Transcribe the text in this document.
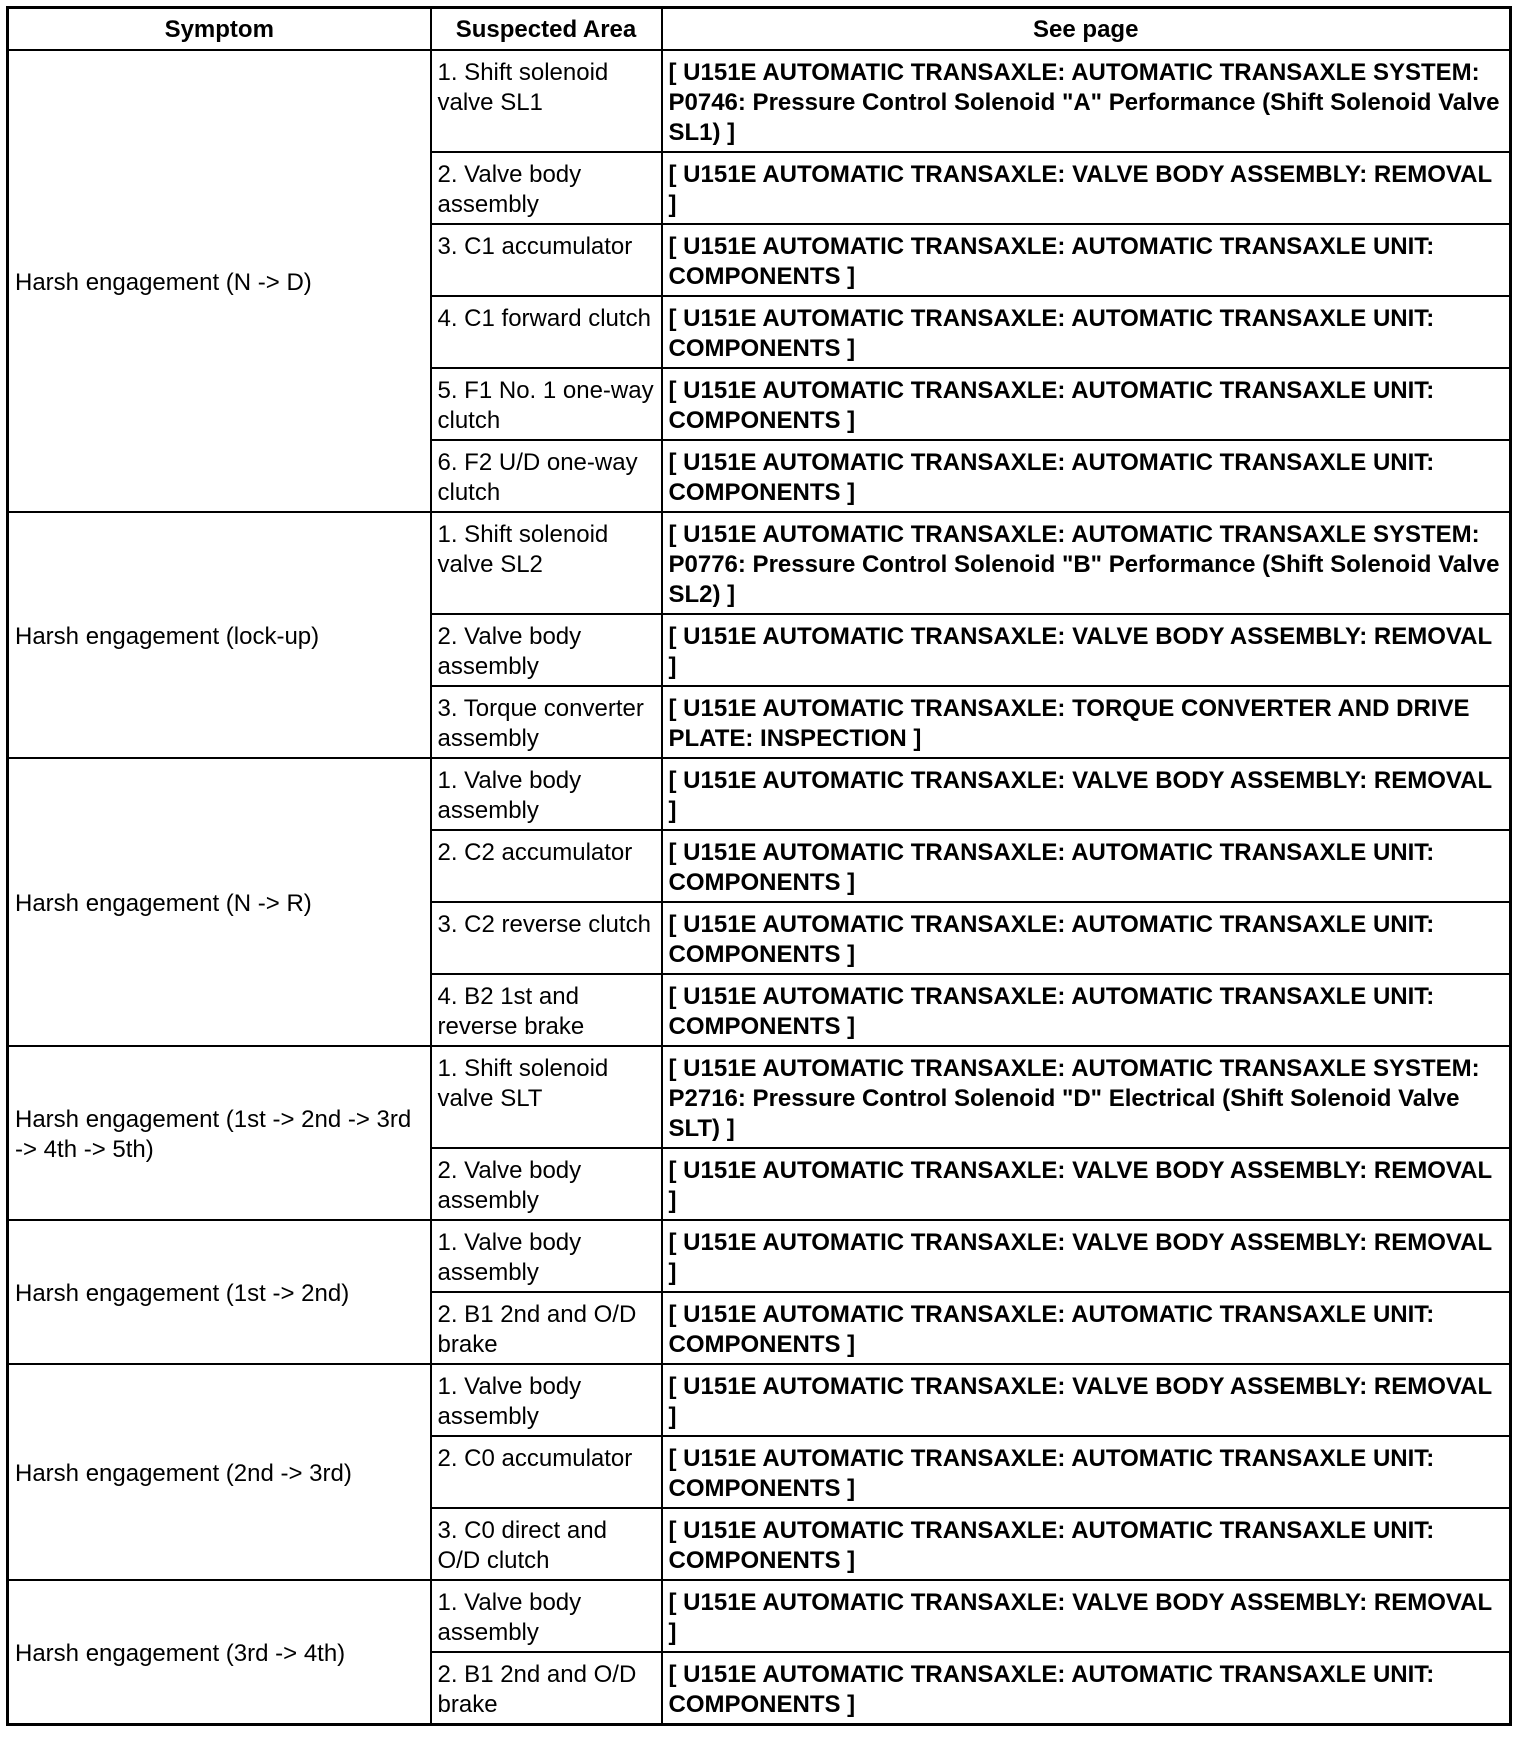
Symptom	Suspected Area	See page
Harsh engagement (N -> D)	1. Shift solenoid valve SL1	[ U151E AUTOMATIC TRANSAXLE: AUTOMATIC TRANSAXLE SYSTEM: P0746: Pressure Control Solenoid "A" Performance (Shift Solenoid Valve SL1) ]
	2. Valve body assembly	[ U151E AUTOMATIC TRANSAXLE: VALVE BODY ASSEMBLY: REMOVAL ]
	3. C1 accumulator	[ U151E AUTOMATIC TRANSAXLE: AUTOMATIC TRANSAXLE UNIT: COMPONENTS ]
	4. C1 forward clutch	[ U151E AUTOMATIC TRANSAXLE: AUTOMATIC TRANSAXLE UNIT: COMPONENTS ]
	5. F1 No. 1 one-way clutch	[ U151E AUTOMATIC TRANSAXLE: AUTOMATIC TRANSAXLE UNIT: COMPONENTS ]
	6. F2 U/D one-way clutch	[ U151E AUTOMATIC TRANSAXLE: AUTOMATIC TRANSAXLE UNIT: COMPONENTS ]
Harsh engagement (lock-up)	1. Shift solenoid valve SL2	[ U151E AUTOMATIC TRANSAXLE: AUTOMATIC TRANSAXLE SYSTEM: P0776: Pressure Control Solenoid "B" Performance (Shift Solenoid Valve SL2) ]
	2. Valve body assembly	[ U151E AUTOMATIC TRANSAXLE: VALVE BODY ASSEMBLY: REMOVAL ]
	3. Torque converter assembly	[ U151E AUTOMATIC TRANSAXLE: TORQUE CONVERTER AND DRIVE PLATE: INSPECTION ]
Harsh engagement (N -> R)	1. Valve body assembly	[ U151E AUTOMATIC TRANSAXLE: VALVE BODY ASSEMBLY: REMOVAL ]
	2. C2 accumulator	[ U151E AUTOMATIC TRANSAXLE: AUTOMATIC TRANSAXLE UNIT: COMPONENTS ]
	3. C2 reverse clutch	[ U151E AUTOMATIC TRANSAXLE: AUTOMATIC TRANSAXLE UNIT: COMPONENTS ]
	4. B2 1st and reverse brake	[ U151E AUTOMATIC TRANSAXLE: AUTOMATIC TRANSAXLE UNIT: COMPONENTS ]
Harsh engagement (1st -> 2nd -> 3rd -> 4th -> 5th)	1. Shift solenoid valve SLT	[ U151E AUTOMATIC TRANSAXLE: AUTOMATIC TRANSAXLE SYSTEM: P2716: Pressure Control Solenoid "D" Electrical (Shift Solenoid Valve SLT) ]
	2. Valve body assembly	[ U151E AUTOMATIC TRANSAXLE: VALVE BODY ASSEMBLY: REMOVAL ]
Harsh engagement (1st -> 2nd)	1. Valve body assembly	[ U151E AUTOMATIC TRANSAXLE: VALVE BODY ASSEMBLY: REMOVAL ]
	2. B1 2nd and O/D brake	[ U151E AUTOMATIC TRANSAXLE: AUTOMATIC TRANSAXLE UNIT: COMPONENTS ]
Harsh engagement (2nd -> 3rd)	1. Valve body assembly	[ U151E AUTOMATIC TRANSAXLE: VALVE BODY ASSEMBLY: REMOVAL ]
	2. C0 accumulator	[ U151E AUTOMATIC TRANSAXLE: AUTOMATIC TRANSAXLE UNIT: COMPONENTS ]
	3. C0 direct and O/D clutch	[ U151E AUTOMATIC TRANSAXLE: AUTOMATIC TRANSAXLE UNIT: COMPONENTS ]
Harsh engagement (3rd -> 4th)	1. Valve body assembly	[ U151E AUTOMATIC TRANSAXLE: VALVE BODY ASSEMBLY: REMOVAL ]
	2. B1 2nd and O/D brake	[ U151E AUTOMATIC TRANSAXLE: AUTOMATIC TRANSAXLE UNIT: COMPONENTS ]
